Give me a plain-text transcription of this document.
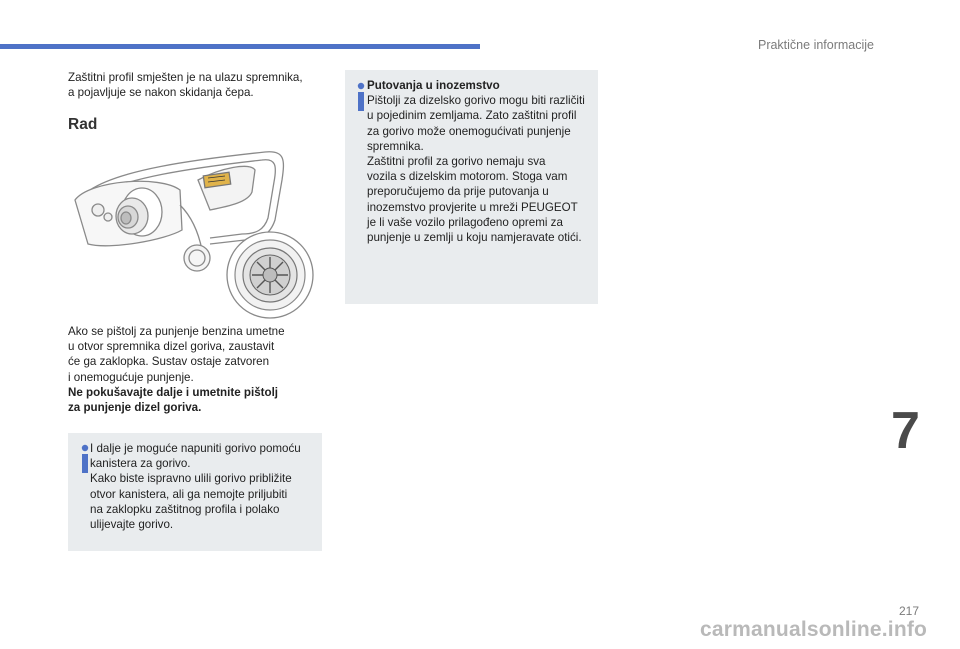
Praktične informacije

Zaštitni profil smješten je na ulazu spremnika,

a pojavljuje se nakon skidanja čepa.

Rad

Ako se pištolj za punjenje benzina umetne

u otvor spremnika dizel goriva, zaustavit

će ga zaklopka. Sustav ostaje zatvoren

i onemogućuje punjenje.

Ne pokušavajte dalje i umetnite pištolj

za punjenje dizel goriva.

I dalje je moguće napuniti gorivo pomoću

kanistera za gorivo.

Kako biste ispravno ulili gorivo približite

otvor kanistera, ali ga nemojte priljubiti

na zaklopku zaštitnog profila i polako

ulijevajte gorivo.

Putovanja u inozemstvo

Pištolji za dizelsko gorivo mogu biti različiti

u pojedinim zemljama. Zato zaštitni profil

za gorivo može onemogućivati punjenje

spremnika.

Zaštitni profil za gorivo nemaju sva

vozila s dizelskim motorom. Stoga vam

preporučujemo da prije putovanja u

inozemstvo provjerite u mreži PEUGEOT

je li vaše vozilo prilagođeno opremi za

punjenje u zemlji u koju namjeravate otići.

7
217
carmanualsonline.info
